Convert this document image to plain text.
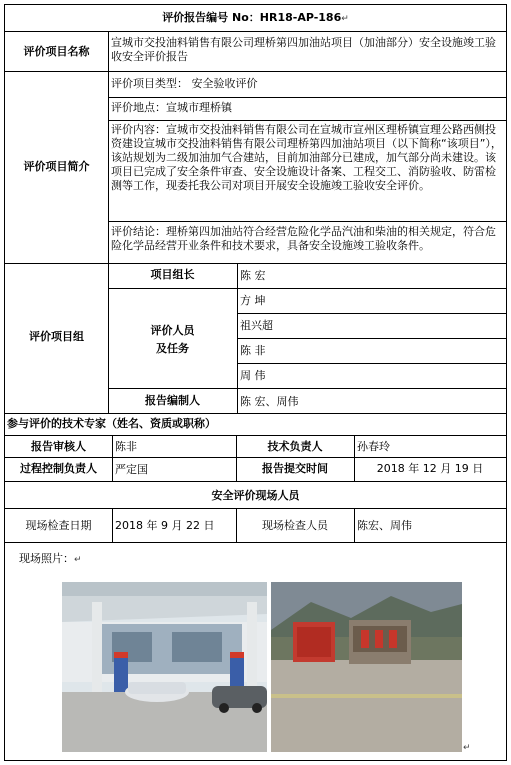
评价报告编号 No：HR18-AP-186↵
评价项目名称
宣城市交投油料销售有限公司理桥第四加油站项目（加油部分）安全设施竣工验收安全评价报告
评价项目简介
评价项目类型： 安全验收评价
评价地点：宣城市理桥镇
评价内容：宣城市交投油料销售有限公司在宣城市宣州区理桥镇宣理公路西侧投资建设宣城市交投油料销售有限公司理桥第四加油站项目（以下简称“该项目”），该站规划为二级加油加气合建站，目前加油部分已建成，加气部分尚未建设。该项目已完成了安全条件审查、安全设施设计备案、工程交工、消防验收、防雷检测等工作，现委托我公司对项目开展安全设施竣工验收安全评价。
评价结论：理桥第四加油站符合经营危险化学品汽油和柴油的相关规定，符合危险化学品经营开业条件和技术要求，具备安全设施竣工验收条件。
评价项目组
项目组长	陈 宏
评价人员
及任务
方 坤
祖兴超
陈 非
周 伟
报告编制人	陈 宏、周伟
参与评价的技术专家（姓名、资质或职称）
报告审核人	陈非	技术负责人	孙春玲
过程控制负责人	严定国	报告提交时间	2018 年 12 月 19 日
安全评价现场人员
现场检查日期	2018 年 9 月 22 日	现场检查人员	陈宏、周伟
现场照片：↵
↵
